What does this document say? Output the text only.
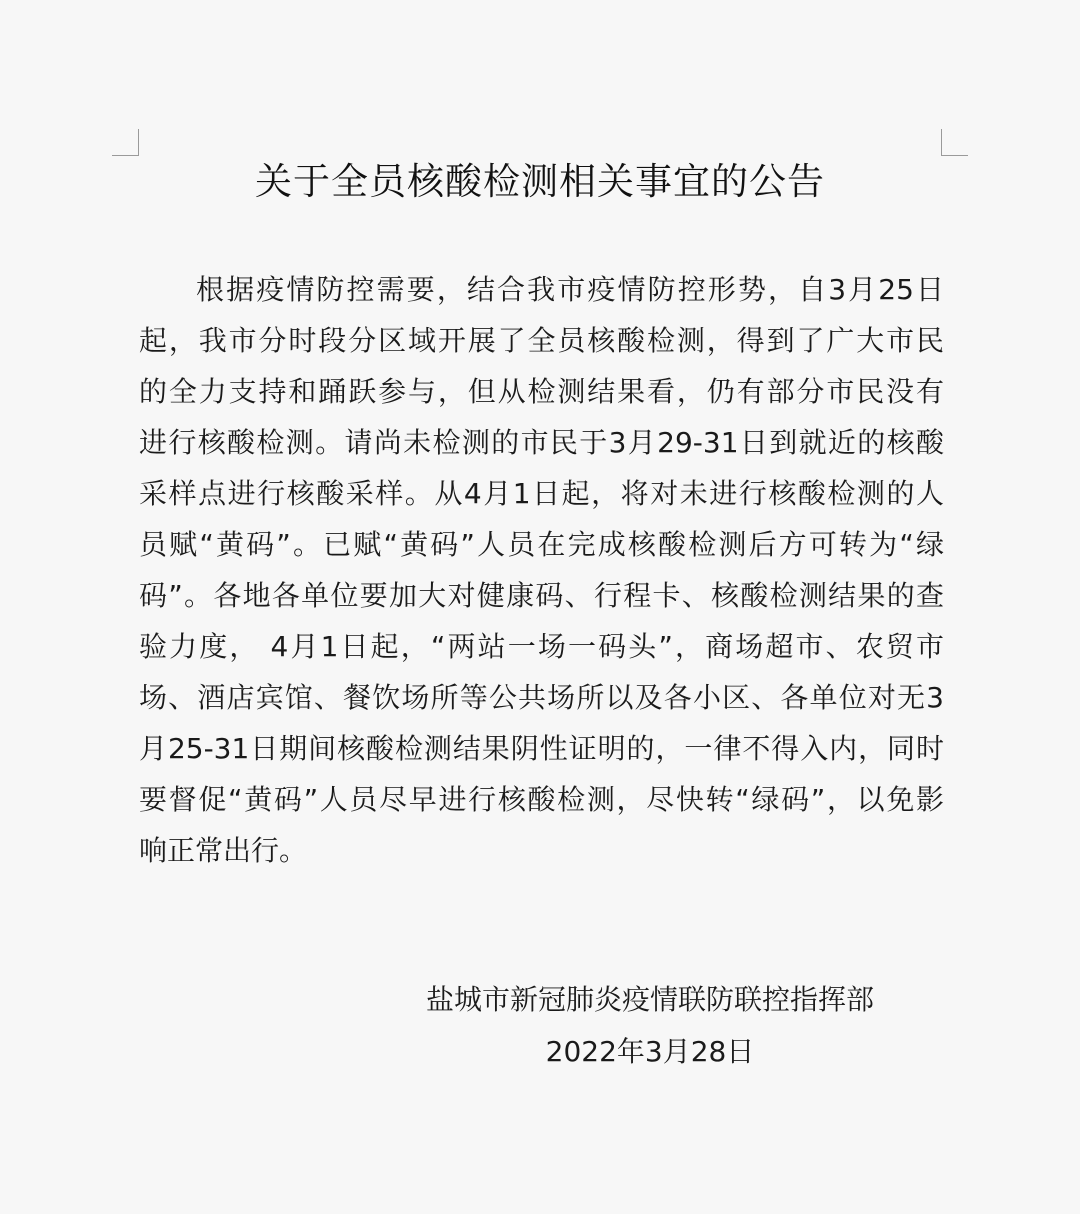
关于全员核酸检测相关事宜的公告
根据疫情防控需要，结合我市疫情防控形势，自3月25日
起，我市分时段分区域开展了全员核酸检测，得到了广大市民
的全力支持和踊跃参与，但从检测结果看，仍有部分市民没有
进行核酸检测。请尚未检测的市民于3月29-31日到就近的核酸
采样点进行核酸采样。从4月1日起，将对未进行核酸检测的人
员赋“黄码”。已赋“黄码”人员在完成核酸检测后方可转为“绿
码”。各地各单位要加大对健康码、行程卡、核酸检测结果的查
验力度， 4月1日起，“两站一场一码头”，商场超市、农贸市
场、酒店宾馆、餐饮场所等公共场所以及各小区、各单位对无3
月25-31日期间核酸检测结果阴性证明的，一律不得入内，同时
要督促“黄码”人员尽早进行核酸检测，尽快转“绿码”，以免影
响正常出行。
盐城市新冠肺炎疫情联防联控指挥部
2022年3月28日
